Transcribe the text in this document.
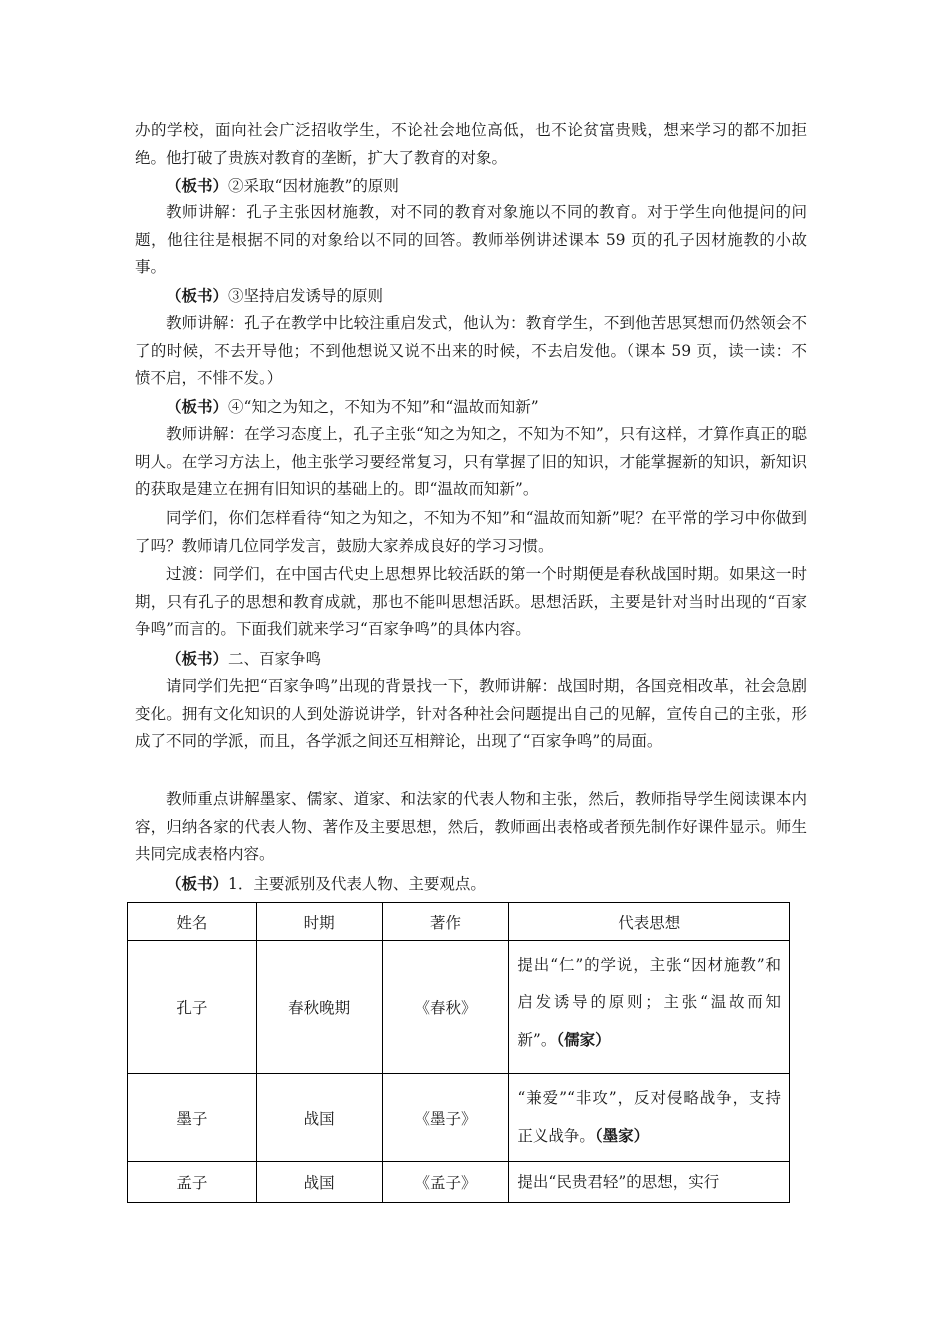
办的学校，面向社会广泛招收学生，不论社会地位高低，也不论贫富贵贱，想来学习的都不加拒绝。他打破了贵族对教育的垄断，扩大了教育的对象。

（板书）②采取“因材施教”的原则

教师讲解：孔子主张因材施教，对不同的教育对象施以不同的教育。对于学生向他提问的问题，他往往是根据不同的对象给以不同的回答。教师举例讲述课本 59 页的孔子因材施教的小故事。

（板书）③坚持启发诱导的原则

教师讲解：孔子在教学中比较注重启发式，他认为：教育学生，不到他苦思冥想而仍然领会不了的时候，不去开导他；不到他想说又说不出来的时候，不去启发他。（课本 59 页，读一读：不愤不启，不悱不发。）

（板书）④“知之为知之，不知为不知”和“温故而知新”

教师讲解：在学习态度上，孔子主张“知之为知之，不知为不知”，只有这样，才算作真正的聪明人。在学习方法上，他主张学习要经常复习，只有掌握了旧的知识，才能掌握新的知识，新知识的获取是建立在拥有旧知识的基础上的。即“温故而知新”。

同学们，你们怎样看待“知之为知之，不知为不知”和“温故而知新”呢？在平常的学习中你做到了吗？教师请几位同学发言，鼓励大家养成良好的学习习惯。

过渡：同学们，在中国古代史上思想界比较活跃的第一个时期便是春秋战国时期。如果这一时期，只有孔子的思想和教育成就，那也不能叫思想活跃。思想活跃，主要是针对当时出现的“百家争鸣”而言的。下面我们就来学习“百家争鸣”的具体内容。

（板书）二、百家争鸣

请同学们先把“百家争鸣”出现的背景找一下，教师讲解：战国时期，各国竞相改革，社会急剧变化。拥有文化知识的人到处游说讲学，针对各种社会问题提出自己的见解，宣传自己的主张，形成了不同的学派，而且，各学派之间还互相辩论，出现了“百家争鸣”的局面。

教师重点讲解墨家、儒家、道家、和法家的代表人物和主张，然后，教师指导学生阅读课本内容，归纳各家的代表人物、著作及主要思想，然后，教师画出表格或者预先制作好课件显示。师生共同完成表格内容。

（板书）1．主要派别及代表人物、主要观点。

姓名	时期	著作	代表思想
孔子	春秋晚期	《春秋》	提出“仁”的学说，主张“因材施教”和启发诱导的原则；主张“温故而知新”。（儒家）
墨子	战国	《墨子》	“兼爱”“非攻”，反对侵略战争，支持正义战争。（墨家）
孟子	战国	《孟子》	提出“民贵君轻”的思想，实行
